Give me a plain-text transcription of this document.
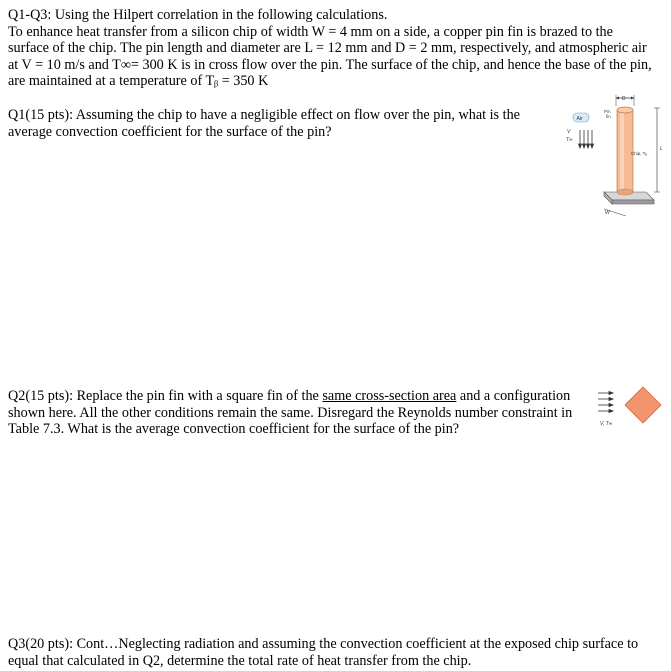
Q1-Q3: Using the Hilpert correlation in the following calculations.
To enhance heat transfer from a silicon chip of width W = 4 mm on a side, a copper pin fin is brazed to the
surface of the chip. The pin length and diameter are L = 12 mm and D = 2 mm, respectively, and atmospheric air
at V = 10 m/s and T∞= 300 K is in cross flow over the pin. The surface of the chip, and hence the base of the pin,
are maintained at a temperature of Tᵦ = 350 K
Q1(15 pts): Assuming the chip to have a negligible effect on flow over the pin, what is the
average convection coefficient for the surface of the pin?
D
Air
Pin
fin
V
T∞
L
Chip, Tᵦ
W
Q2(15 pts): Replace the pin fin with a square fin of the same cross-section area and a configuration
shown here. All the other conditions remain the same. Disregard the Reynolds number constraint in
Table 7.3. What is the average convection coefficient for the surface of the pin?	V, T∞
Q3(20 pts): Cont…Neglecting radiation and assuming the convection coefficient at the exposed chip surface to
equal that calculated in Q2, determine the total rate of heat transfer from the chip.
